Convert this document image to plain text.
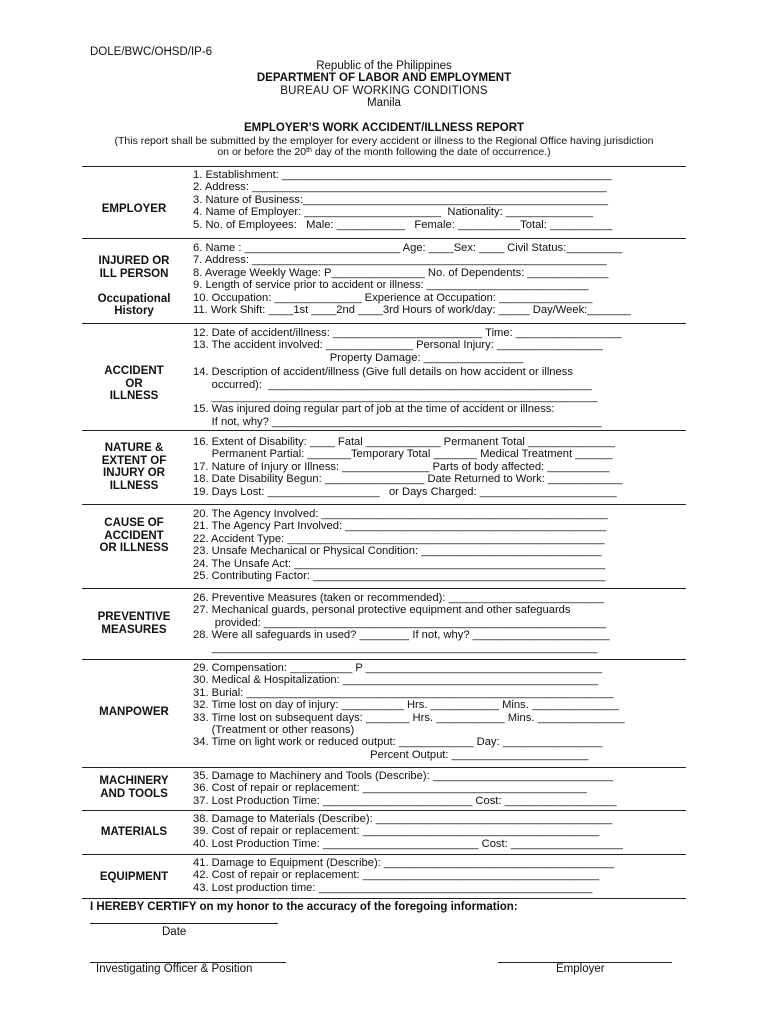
DOLE/BWC/OHSD/IP-6
Republic of the Philippines
DEPARTMENT OF LABOR AND EMPLOYMENT
BUREAU OF WORKING CONDITIONS
Manila
EMPLOYER’S WORK ACCIDENT/ILLNESS REPORT
(This report shall be submitted by the employer for every accident or illness to the Regional Office having jurisdiction
on or before the 20th day of the month following the date of occurrence.)
EMPLOYER
1. Establishment: _____________________________________________________
2. Address: _________________________________________________________
3. Nature of Business:_________________________________________________
4. Name of Employer: ______________________  Nationality: ______________
5. No. of Employees:   Male: ___________   Female: __________Total: __________
INJURED OR
ILL PERSON

Occupational
History
6. Name : _________________________ Age: ____Sex: ____ Civil Status:_________
7. Address: _________________________________________________________
8. Average Weekly Wage: P_______________ No. of Dependents: _____________
9. Length of service prior to accident or illness: __________________________
10. Occupation: ______________ Experience at Occupation: _______________
11. Work Shift: ____1st ____2nd ____3rd Hours of work/day: _____ Day/Week:_______
ACCIDENT
OR
ILLNESS
12. Date of accident/illness: ________________________ Time: _________________
13. The accident involved: ______________ Personal Injury: _________________
Property Damage: ________________
14. Description of accident/illness (Give full details on how accident or illness
occurred):  ____________________________________________________
______________________________________________________________
15. Was injured doing regular part of job at the time of accident or illness:
If not, why? _____________________________________________________
NATURE &
EXTENT OF
INJURY OR
ILLNESS
16. Extent of Disability: ____ Fatal ____________ Permanent Total ______________
Permanent Partial: _______Temporary Total _______ Medical Treatment ______
17. Nature of Injury or Illness: ______________ Parts of body affected: __________
18. Date Disability Begun: ________________ Date Returned to Work: ____________
19. Days Lost: __________________   or Days Charged: ______________________
CAUSE OF
ACCIDENT
OR ILLNESS
20. The Agency Involved: ______________________________________________
21. The Agency Part Involved: __________________________________________
22. Accident Type: ___________________________________________________
23. Unsafe Mechanical or Physical Condition: _____________________________
24. The Unsafe Act: __________________________________________________
25. Contributing Factor: _______________________________________________
PREVENTIVE
MEASURES
26. Preventive Measures (taken or recommended): _________________________
27. Mechanical guards, personal protective equipment and other safeguards
provided: _______________________________________________________
28. Were all safeguards in used? ________ If not, why? ______________________
______________________________________________________________
MANPOWER
29. Compensation: __________ P ______________________________________
30. Medical & Hospitalization: _________________________________________
31. Burial: ___________________________________________________________
32. Time lost on day of injury: __________ Hrs. ___________ Mins. ______________
33. Time lost on subsequent days: _______ Hrs. ___________ Mins. ______________
(Treatment or other reasons)
34. Time on light work or reduced output: ____________ Day: ________________
Percent Output: ______________________
MACHINERY
AND TOOLS
35. Damage to Machinery and Tools (Describe): _____________________________
36. Cost of repair or replacement: ____________________________________
37. Lost Production Time: ________________________ Cost: __________________
MATERIALS
38. Damage to Materials (Describe): ______________________________________
39. Cost of repair or replacement: ______________________________________
40. Lost Production Time: _________________________ Cost: __________________
EQUIPMENT
41. Damage to Equipment (Describe): _____________________________________
42. Cost of repair or replacement: ______________________________________
43. Lost production time: ____________________________________________
I HEREBY CERTIFY on my honor to the accuracy of the foregoing information:
Date
Investigating Officer & Position	Employer
